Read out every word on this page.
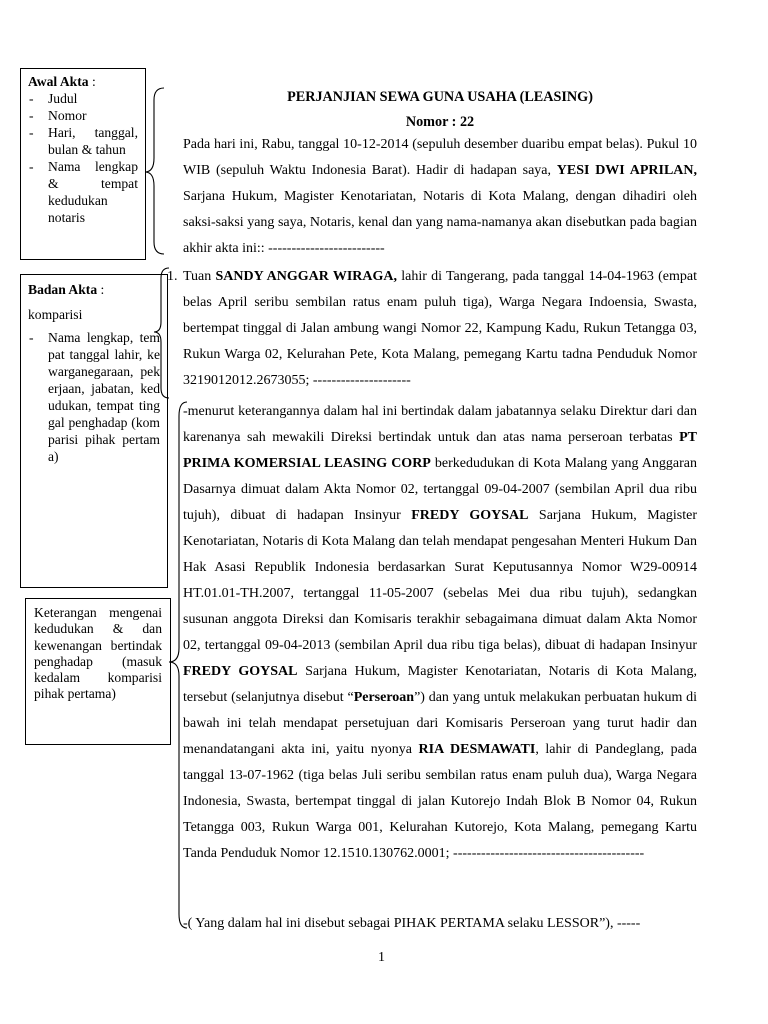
Awal Akta :
- Judul
- Nomor
- Hari, tanggal, bulan & tahun
- Nama lengkap & tempat kedudukan notaris
Badan Akta :
komparisi
- Nama lengkap, tempat tanggal lahir, kewarganegaraan, pekerjaan, jabatan, kedudukan, tempat tinggal penghadap (komparisi pihak pertama)
Keterangan mengenai kedudukan & dan kewenangan bertindak penghadap (masuk kedalam komparisi pihak pertama)
PERJANJIAN SEWA GUNA USAHA (LEASING)
Nomor : 22

Pada hari ini, Rabu, tanggal 10-12-2014 (sepuluh desember duaribu empat belas). Pukul 10 WIB (sepuluh Waktu Indonesia Barat). Hadir di hadapan saya, YESI DWI APRILAN, Sarjana Hukum, Magister Kenotariatan, Notaris di Kota Malang, dengan dihadiri oleh saksi-saksi yang saya, Notaris, kenal dan yang nama-namanya akan disebutkan pada bagian akhir akta ini:: -------------------------

1. Tuan SANDY ANGGAR WIRAGA, lahir di Tangerang, pada tanggal 14-04-1963 (empat belas April seribu sembilan ratus enam puluh tiga), Warga Negara Indoensia, Swasta, bertempat tinggal di Jalan ambung wangi Nomor 22, Kampung Kadu, Rukun Tetangga 03, Rukun Warga 02, Kelurahan Pete, Kota Malang, pemegang Kartu tadna Penduduk Nomor 3219012012.2673055; ---------------------

-menurut keterangannya dalam hal ini bertindak dalam jabatannya selaku Direktur dari dan karenanya sah mewakili Direksi bertindak untuk dan atas nama perseroan terbatas PT PRIMA KOMERSIAL LEASING CORP berkedudukan di Kota Malang yang Anggaran Dasarnya dimuat dalam Akta Nomor 02, tertanggal 09-04-2007 (sembilan April dua ribu tujuh), dibuat di hadapan Insinyur FREDY GOYSAL Sarjana Hukum, Magister Kenotariatan, Notaris di Kota Malang dan telah mendapat pengesahan Menteri Hukum Dan Hak Asasi Republik Indonesia berdasarkan Surat Keputusannya Nomor W29-00914 HT.01.01-TH.2007, tertanggal 11-05-2007 (sebelas Mei dua ribu tujuh), sedangkan susunan anggota Direksi dan Komisaris terakhir sebagaimana dimuat dalam Akta Nomor 02, tertanggal 09-04-2013 (sembilan April dua ribu tiga belas), dibuat di hadapan Insinyur FREDY GOYSAL Sarjana Hukum, Magister Kenotariatan, Notaris di Kota Malang, tersebut (selanjutnya disebut “Perseroan”) dan yang untuk melakukan perbuatan hukum di bawah ini telah mendapat persetujuan dari Komisaris Perseroan yang turut hadir dan menandatangani akta ini, yaitu nyonya RIA DESMAWATI, lahir di Pandeglang, pada tanggal 13-07-1962 (tiga belas Juli seribu sembilan ratus enam puluh dua), Warga Negara Indonesia, Swasta, bertempat tinggal di jalan Kutorejo Indah Blok B Nomor 04, Rukun Tetangga 003, Rukun Warga 001, Kelurahan Kutorejo, Kota Malang, pemegang Kartu Tanda Penduduk Nomor 12.1510.130762.0001; -----------------------------------------

-( Yang dalam hal ini disebut sebagai PIHAK PERTAMA selaku LESSOR”), -----

1
